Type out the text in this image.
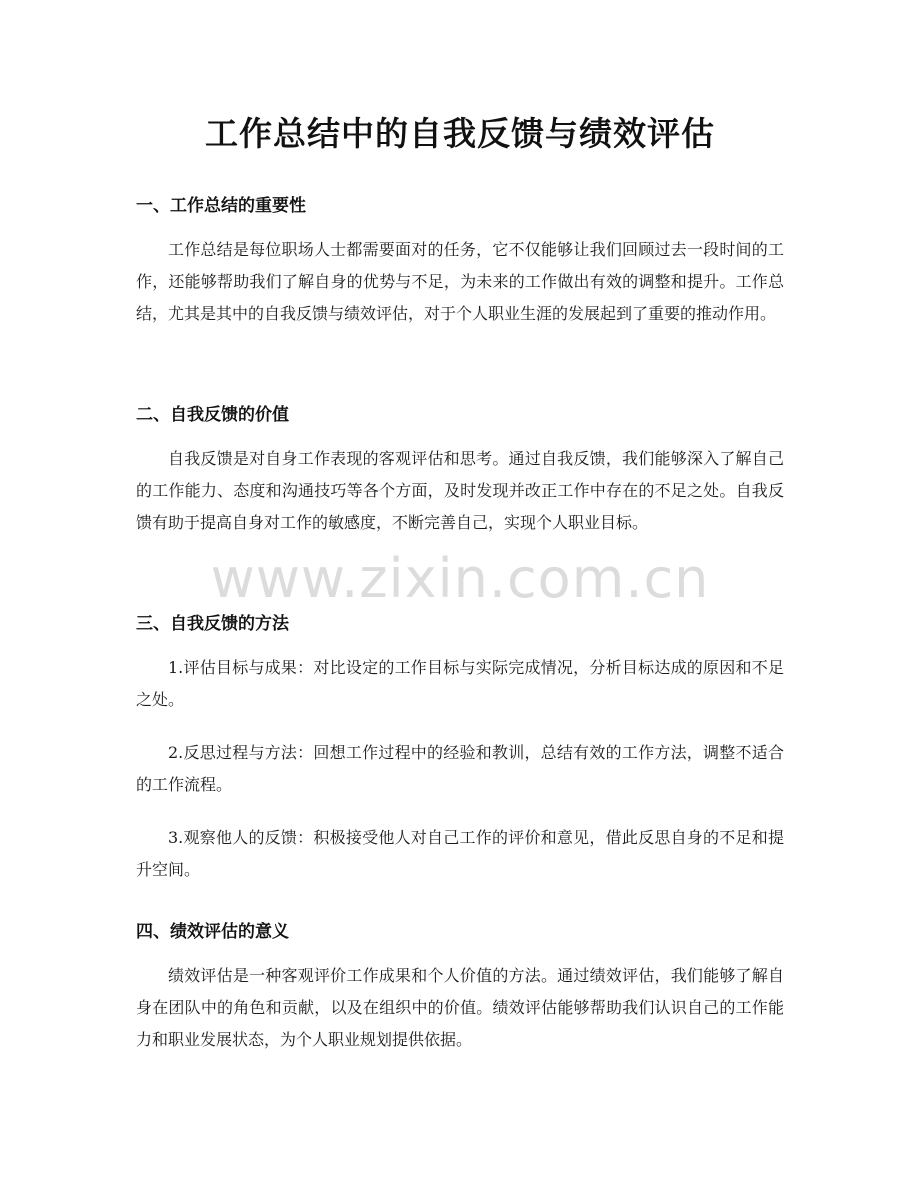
工作总结中的自我反馈与绩效评估
一、工作总结的重要性

工作总结是每位职场人士都需要面对的任务，它不仅能够让我们回顾过去一段时间的工作，还能够帮助我们了解自身的优势与不足，为未来的工作做出有效的调整和提升。工作总结，尤其是其中的自我反馈与绩效评估，对于个人职业生涯的发展起到了重要的推动作用。

二、自我反馈的价值

自我反馈是对自身工作表现的客观评估和思考。通过自我反馈，我们能够深入了解自己的工作能力、态度和沟通技巧等各个方面，及时发现并改正工作中存在的不足之处。自我反馈有助于提高自身对工作的敏感度，不断完善自己，实现个人职业目标。

三、自我反馈的方法

1.评估目标与成果：对比设定的工作目标与实际完成情况，分析目标达成的原因和不足之处。

2.反思过程与方法：回想工作过程中的经验和教训，总结有效的工作方法，调整不适合的工作流程。

3.观察他人的反馈：积极接受他人对自己工作的评价和意见，借此反思自身的不足和提升空间。

四、绩效评估的意义

绩效评估是一种客观评价工作成果和个人价值的方法。通过绩效评估，我们能够了解自身在团队中的角色和贡献，以及在组织中的价值。绩效评估能够帮助我们认识自己的工作能力和职业发展状态，为个人职业规划提供依据。

www.zixin.com.cn
